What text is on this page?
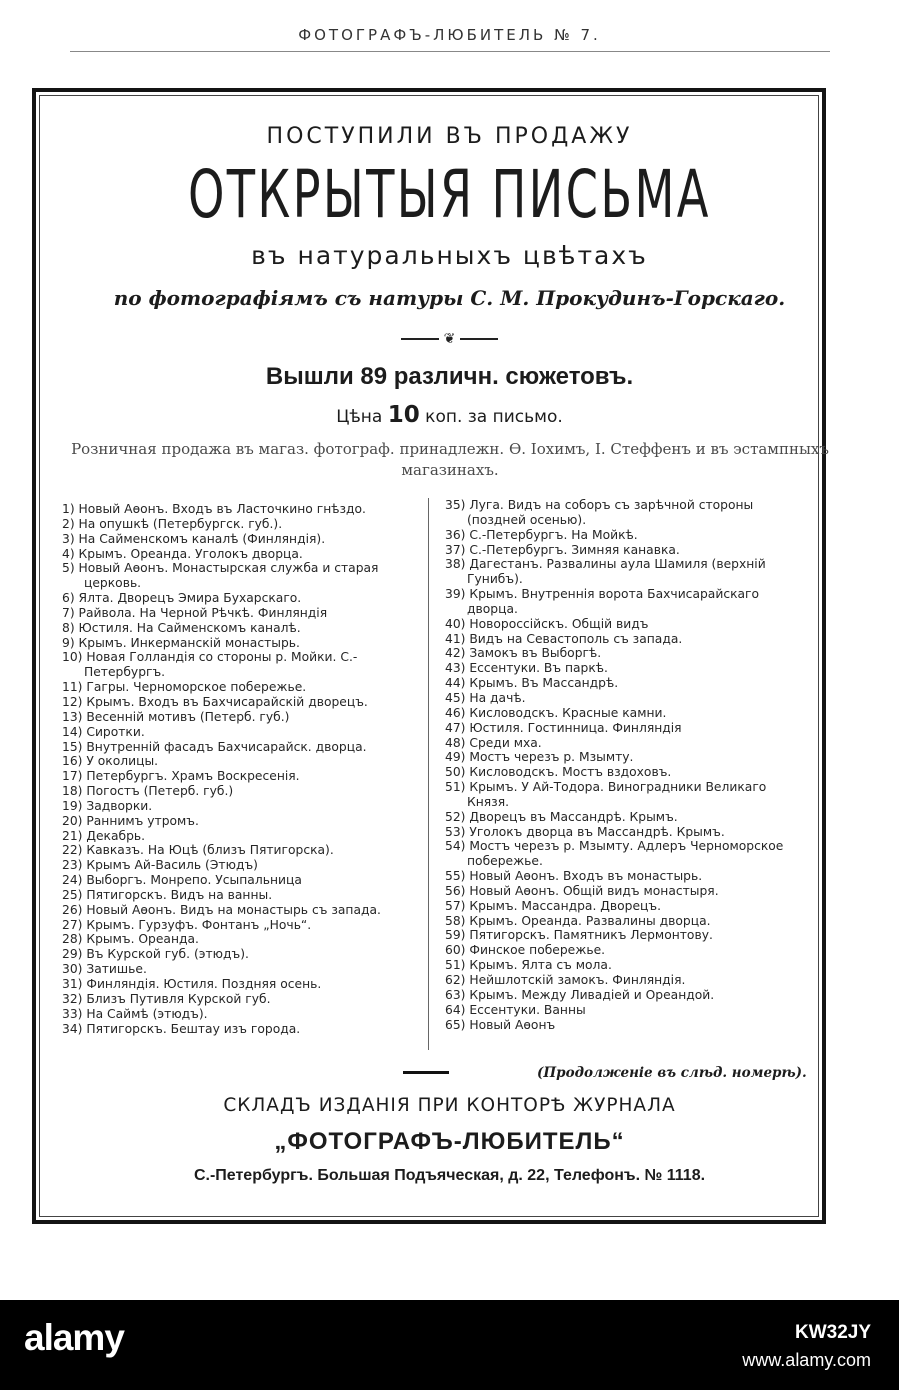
ФОТОГРАФЪ-ЛЮБИТЕЛЬ № 7.
ПОСТУПИЛИ ВЪ ПРОДАЖУ
ОТКРЫТЫЯ ПИСЬМА
въ натуральныхъ цвѣтахъ
по фотографiямъ съ натуры С. М. Прокудинъ-Горскаго.
❦
Вышли 89 различн. сюжетовъ.
Цѣна 10 коп. за письмо.
Розничная продажа въ магаз. фотограф. принадлежн. Ѳ. Iохимъ, I. Стеффенъ и въ эстампныхъ магазинахъ.
1) Новый Аѳонъ. Входъ въ Ласточкино гнѣздо.
2) На опушкѣ (Петербургск. губ.).
3) На Сайменскомъ каналѣ (Финляндiя).
4) Крымъ. Ореанда. Уголокъ дворца.
5) Новый Аѳонъ. Монастырская служба и старая церковь.
6) Ялта. Дворецъ Эмира Бухарскаго.
7) Райвола. На Черной Рѣчкѣ. Финляндiя
8) Юстиля. На Сайменскомъ каналѣ.
9) Крымъ. Инкерманскiй монастырь.
10) Новая Голландiя со стороны р. Мойки. С.-Петербургъ.
11) Гагры. Черноморское побережье.
12) Крымъ. Входъ въ Бахчисарайскiй дворецъ.
13) Весеннiй мотивъ (Петерб. губ.)
14) Сиротки.
15) Внутреннiй фасадъ Бахчисарайск. дворца.
16) У околицы.
17) Петербургъ. Храмъ Воскресенiя.
18) Погостъ (Петерб. губ.)
19) Задворки.
20) Раннимъ утромъ.
21) Декабрь.
22) Кавказъ. На Юцѣ (близъ Пятигорска).
23) Крымъ Ай-Василь (Этюдъ)
24) Выборгъ. Монрепо. Усыпальница
25) Пятигорскъ. Видъ на ванны.
26) Новый Аѳонъ. Видъ на монастырь съ запада.
27) Крымъ. Гурзуфъ. Фонтанъ „Ночь“.
28) Крымъ. Ореанда.
29) Въ Курской губ. (этюдъ).
30) Затишье.
31) Финляндiя. Юстиля. Поздняя осень.
32) Близъ Путивля Курской губ.
33) На Саймѣ (этюдъ).
34) Пятигорскъ. Бештау изъ города.
35) Луга. Видъ на соборъ съ зарѣчной стороны (поздней осенью).
36) С.-Петербургъ. На Мойкѣ.
37) С.-Петербургъ. Зимняя канавка.
38) Дагестанъ. Развалины аула Шамиля (верхнiй Гунибъ).
39) Крымъ. Внутреннiя ворота Бахчисарайскаго дворца.
40) Новороссiйскъ. Общiй видъ
41) Видъ на Севастополь съ запада.
42) Замокъ въ Выборгѣ.
43) Ессентуки. Въ паркѣ.
44) Крымъ. Въ Массандрѣ.
45) На дачѣ.
46) Кисловодскъ. Красные камни.
47) Юстиля. Гостинница. Финляндiя
48) Среди мха.
49) Мостъ черезъ р. Мзымту.
50) Кисловодскъ. Мостъ вздоховъ.
51) Крымъ. У Ай-Тодора. Виноградники Великаго Князя.
52) Дворецъ въ Массандрѣ. Крымъ.
53) Уголокъ дворца въ Массандрѣ. Крымъ.
54) Мостъ черезъ р. Мзымту. Адлеръ Черноморское побережье.
55) Новый Аѳонъ. Входъ въ монастырь.
56) Новый Аѳонъ. Общiй видъ монастыря.
57) Крымъ. Массандра. Дворецъ.
58) Крымъ. Ореанда. Развалины дворца.
59) Пятигорскъ. Памятникъ Лермонтову.
60) Финское побережье.
51) Крымъ. Ялта съ мола.
62) Нейшлотскiй замокъ. Финляндiя.
63) Крымъ. Между Ливадiей и Ореандой.
64) Ессентуки. Ванны
65) Новый Аѳонъ
(Продолженiе въ слѣд. номерѣ).
СКЛАДЪ ИЗДАНIЯ ПРИ КОНТОРѢ ЖУРНАЛА
„ФОТОГРАФЪ-ЛЮБИТЕЛЬ“
С.-Петербургъ. Большая Подъяческая, д. 22, Телефонъ. № 1118.
alamy	KW32JY
www.alamy.com
